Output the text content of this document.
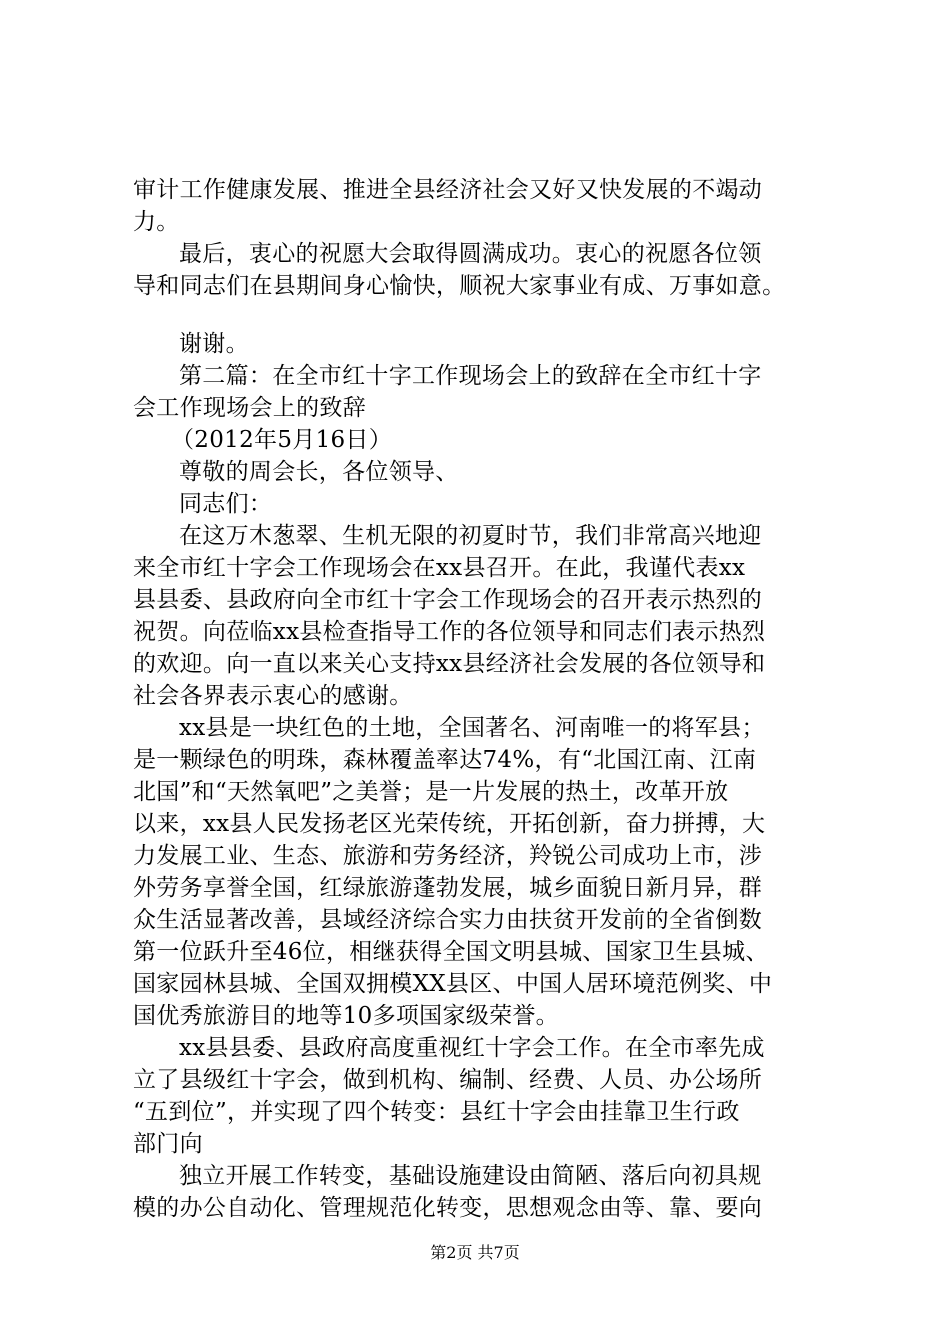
审计工作健康发展、推进全县经济社会又好又快发展的不竭动
力。
最后，衷心的祝愿大会取得圆满成功。衷心的祝愿各位领
导和同志们在县期间身心愉快，顺祝大家事业有成、万事如意。
谢谢。
第二篇：在全市红十字工作现场会上的致辞在全市红十字
会工作现场会上的致辞
（2012年5月16日）
尊敬的周会长，各位领导、
同志们：
在这万木葱翠、生机无限的初夏时节，我们非常高兴地迎
来全市红十字会工作现场会在xx县召开。在此，我谨代表xx
县县委、县政府向全市红十字会工作现场会的召开表示热烈的
祝贺。向莅临xx县检查指导工作的各位领导和同志们表示热烈
的欢迎。向一直以来关心支持xx县经济社会发展的各位领导和
社会各界表示衷心的感谢。
xx县是一块红色的土地，全国著名、河南唯一的将军县；
是一颗绿色的明珠，森林覆盖率达74%，有“北国江南、江南
北国”和“天然氧吧”之美誉；是一片发展的热土，改革开放
以来，xx县人民发扬老区光荣传统，开拓创新，奋力拼搏，大
力发展工业、生态、旅游和劳务经济，羚锐公司成功上市，涉
外劳务享誉全国，红绿旅游蓬勃发展，城乡面貌日新月异，群
众生活显著改善，县域经济综合实力由扶贫开发前的全省倒数
第一位跃升至46位，相继获得全国文明县城、国家卫生县城、
国家园林县城、全国双拥模XX县区、中国人居环境范例奖、中
国优秀旅游目的地等10多项国家级荣誉。
xx县县委、县政府高度重视红十字会工作。在全市率先成
立了县级红十字会，做到机构、编制、经费、人员、办公场所
“五到位”，并实现了四个转变：县红十字会由挂靠卫生行政
部门向
独立开展工作转变，基础设施建设由简陋、落后向初具规
模的办公自动化、管理规范化转变，思想观念由等、靠、要向
第2页 共7页
